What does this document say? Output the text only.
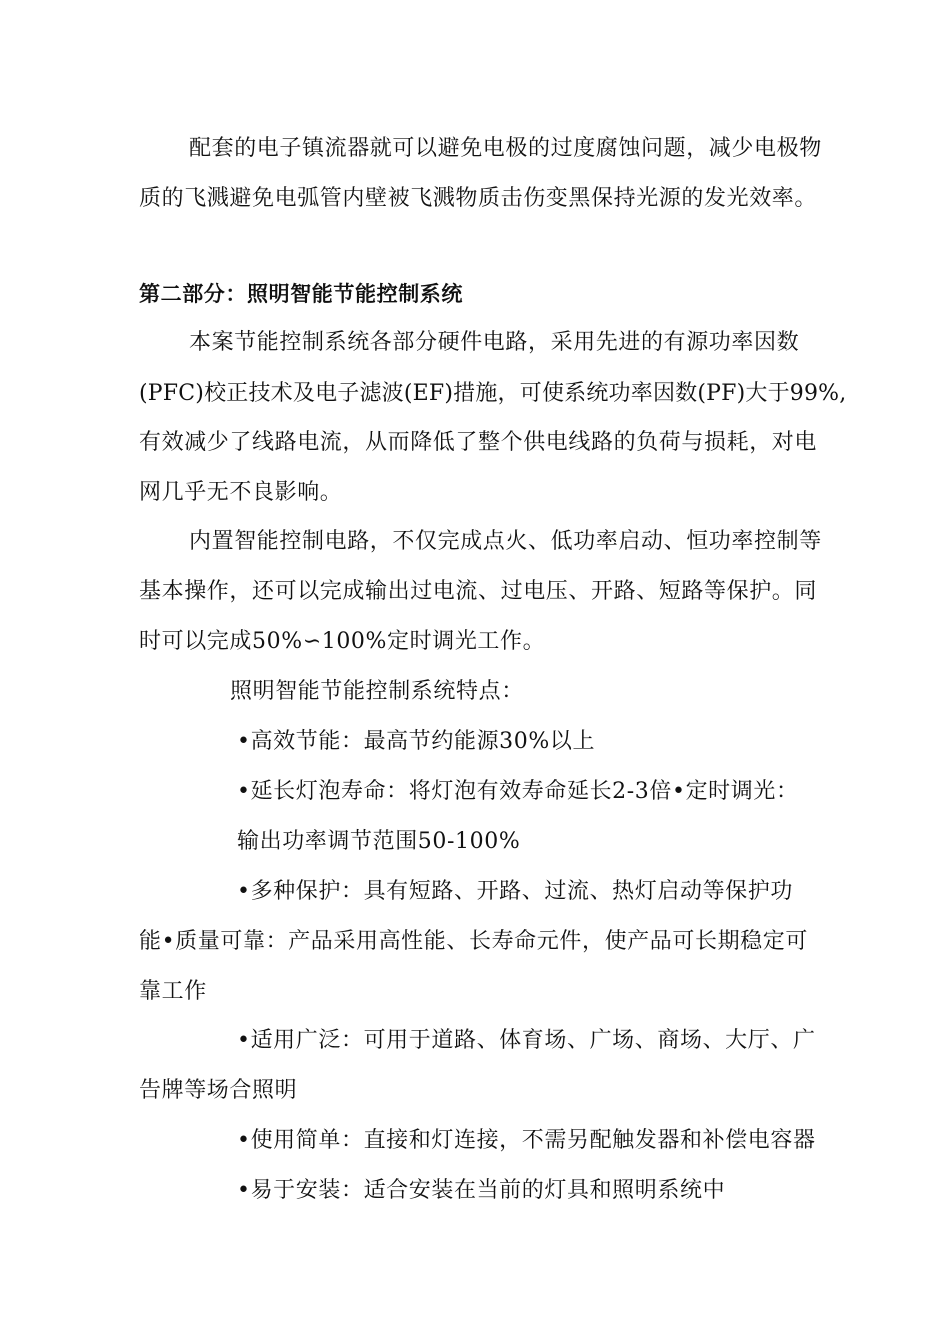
配套的电子镇流器就可以避免电极的过度腐蚀问题，减少电极物
质的飞溅避免电弧管内壁被飞溅物质击伤变黑保持光源的发光效率。
第二部分：照明智能节能控制系统
本案节能控制系统各部分硬件电路，采用先进的有源功率因数
(PFC)校正技术及电子滤波(EF)措施，可使系统功率因数(PF)大于99%,
有效减少了线路电流，从而降低了整个供电线路的负荷与损耗，对电
网几乎无不良影响。
内置智能控制电路，不仅完成点火、低功率启动、恒功率控制等
基本操作，还可以完成输出过电流、过电压、开路、短路等保护。同
时可以完成50%∽100%定时调光工作。
照明智能节能控制系统特点：
•高效节能：最高节约能源30%以上
•延长灯泡寿命：将灯泡有效寿命延长2-3倍•定时调光：
输出功率调节范围50-100%
•多种保护：具有短路、开路、过流、热灯启动等保护功
能•质量可靠：产品采用高性能、长寿命元件，使产品可长期稳定可
靠工作
•适用广泛：可用于道路、体育场、广场、商场、大厅、广
告牌等场合照明
•使用简单：直接和灯连接，不需另配触发器和补偿电容器
•易于安装：适合安装在当前的灯具和照明系统中
